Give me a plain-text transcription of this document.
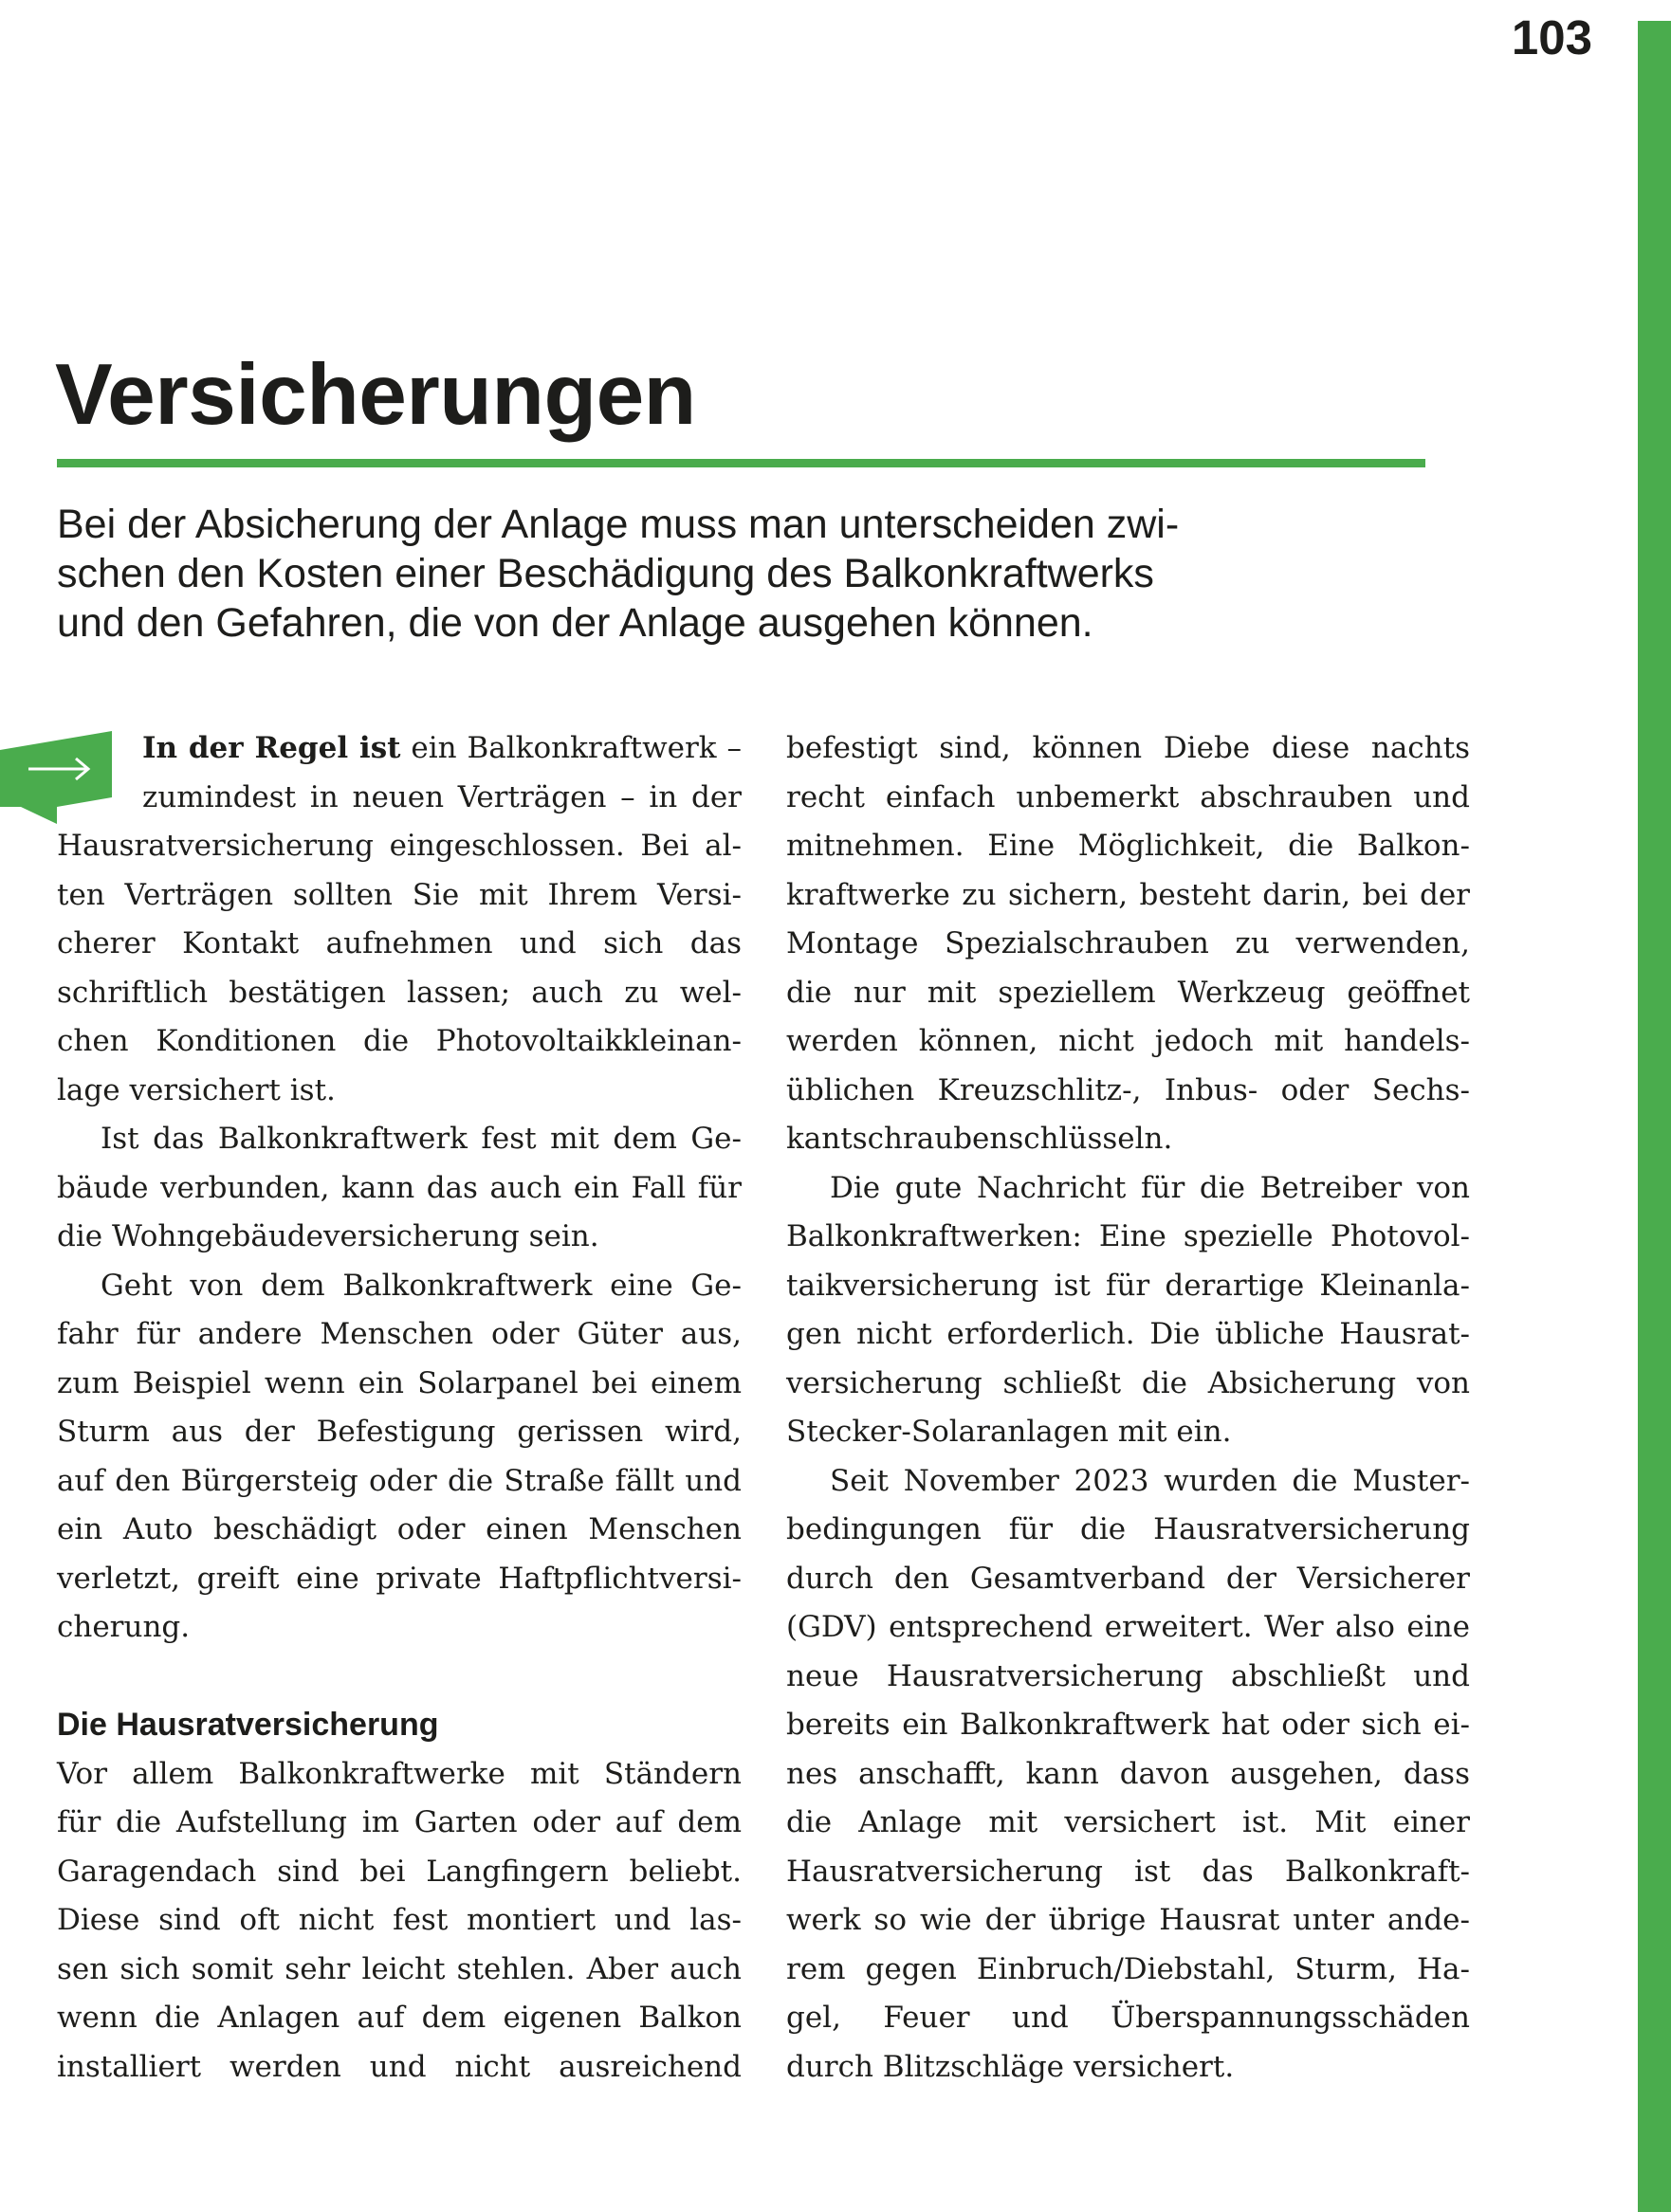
103
Versicherungen

Bei der Absicherung der Anlage muss man unterscheiden zwi-
schen den Kosten einer Beschädigung des Balkonkraftwerks
und den Gefahren, die von der Anlage ausgehen können.

In der Regel ist ein Balkonkraftwerk –
zumindest in neuen Verträgen – in der
Hausratversicherung eingeschlossen. Bei al-
ten Verträgen sollten Sie mit Ihrem Versi-
cherer Kontakt aufnehmen und sich das
schriftlich bestätigen lassen; auch zu wel-
chen Konditionen die Photovoltaikkleinan-
lage versichert ist.
Ist das Balkonkraftwerk fest mit dem Ge-
bäude verbunden, kann das auch ein Fall für
die Wohngebäudeversicherung sein.
Geht von dem Balkonkraftwerk eine Ge-
fahr für andere Menschen oder Güter aus,
zum Beispiel wenn ein Solarpanel bei einem
Sturm aus der Befestigung gerissen wird,
auf den Bürgersteig oder die Straße fällt und
ein Auto beschädigt oder einen Menschen
verletzt, greift eine private Haftpflichtversi-
cherung.
Die Hausratversicherung
Vor allem Balkonkraftwerke mit Ständern
für die Aufstellung im Garten oder auf dem
Garagendach sind bei Langfingern beliebt.
Diese sind oft nicht fest montiert und las-
sen sich somit sehr leicht stehlen. Aber auch
wenn die Anlagen auf dem eigenen Balkon
installiert werden und nicht ausreichend
befestigt sind, können Diebe diese nachts
recht einfach unbemerkt abschrauben und
mitnehmen. Eine Möglichkeit, die Balkon-
kraftwerke zu sichern, besteht darin, bei der
Montage Spezialschrauben zu verwenden,
die nur mit speziellem Werkzeug geöffnet
werden können, nicht jedoch mit handels-
üblichen Kreuzschlitz-, Inbus- oder Sechs-
kantschraubenschlüsseln.
Die gute Nachricht für die Betreiber von
Balkonkraftwerken: Eine spezielle Photovol-
taikversicherung ist für derartige Kleinanla-
gen nicht erforderlich. Die übliche Hausrat-
versicherung schließt die Absicherung von
Stecker-Solaranlagen mit ein.
Seit November 2023 wurden die Muster-
bedingungen für die Hausratversicherung
durch den Gesamtverband der Versicherer
(GDV) entsprechend erweitert. Wer also eine
neue Hausratversicherung abschließt und
bereits ein Balkonkraftwerk hat oder sich ei-
nes anschafft, kann davon ausgehen, dass
die Anlage mit versichert ist. Mit einer
Hausratversicherung ist das Balkonkraft-
werk so wie der übrige Hausrat unter ande-
rem gegen Einbruch/Diebstahl, Sturm, Ha-
gel, Feuer und Überspannungsschäden
durch Blitzschläge versichert.
